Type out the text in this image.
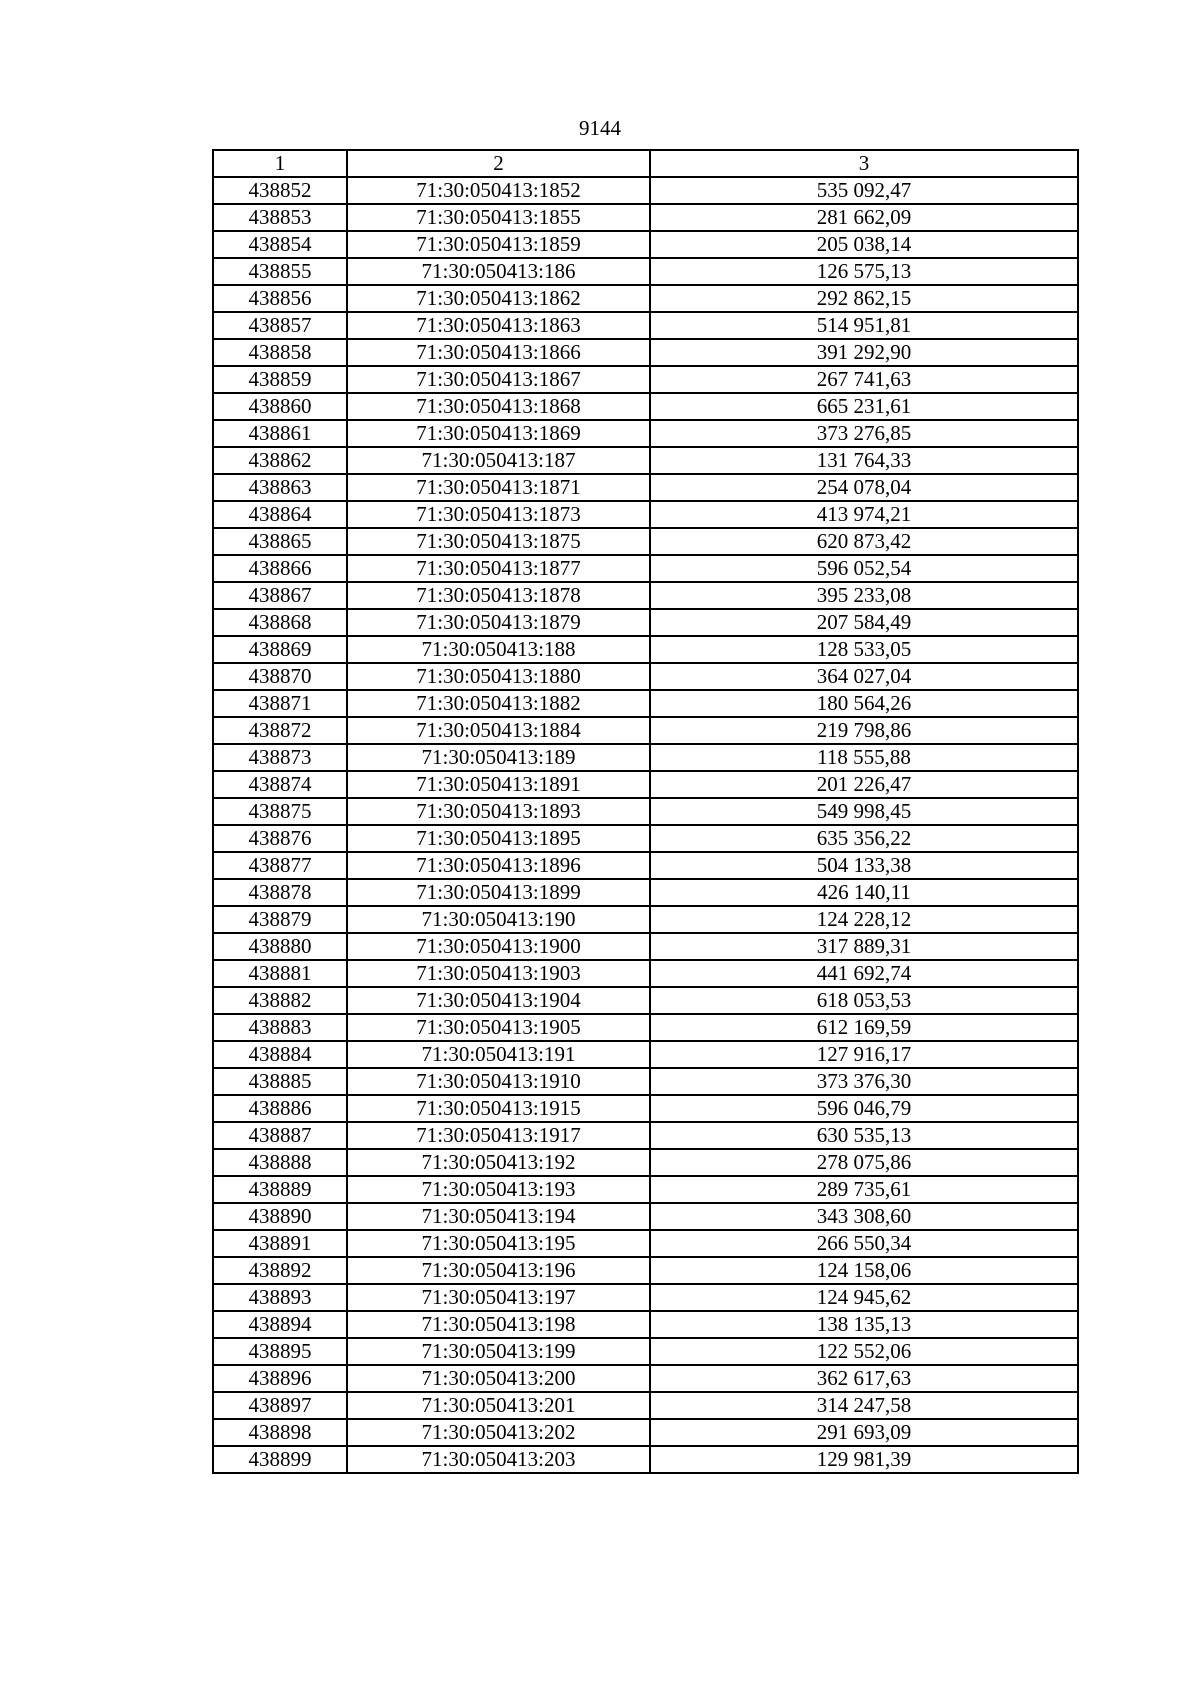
9144
1	2	3
438852	71:30:050413:1852	535 092,47
438853	71:30:050413:1855	281 662,09
438854	71:30:050413:1859	205 038,14
438855	71:30:050413:186	126 575,13
438856	71:30:050413:1862	292 862,15
438857	71:30:050413:1863	514 951,81
438858	71:30:050413:1866	391 292,90
438859	71:30:050413:1867	267 741,63
438860	71:30:050413:1868	665 231,61
438861	71:30:050413:1869	373 276,85
438862	71:30:050413:187	131 764,33
438863	71:30:050413:1871	254 078,04
438864	71:30:050413:1873	413 974,21
438865	71:30:050413:1875	620 873,42
438866	71:30:050413:1877	596 052,54
438867	71:30:050413:1878	395 233,08
438868	71:30:050413:1879	207 584,49
438869	71:30:050413:188	128 533,05
438870	71:30:050413:1880	364 027,04
438871	71:30:050413:1882	180 564,26
438872	71:30:050413:1884	219 798,86
438873	71:30:050413:189	118 555,88
438874	71:30:050413:1891	201 226,47
438875	71:30:050413:1893	549 998,45
438876	71:30:050413:1895	635 356,22
438877	71:30:050413:1896	504 133,38
438878	71:30:050413:1899	426 140,11
438879	71:30:050413:190	124 228,12
438880	71:30:050413:1900	317 889,31
438881	71:30:050413:1903	441 692,74
438882	71:30:050413:1904	618 053,53
438883	71:30:050413:1905	612 169,59
438884	71:30:050413:191	127 916,17
438885	71:30:050413:1910	373 376,30
438886	71:30:050413:1915	596 046,79
438887	71:30:050413:1917	630 535,13
438888	71:30:050413:192	278 075,86
438889	71:30:050413:193	289 735,61
438890	71:30:050413:194	343 308,60
438891	71:30:050413:195	266 550,34
438892	71:30:050413:196	124 158,06
438893	71:30:050413:197	124 945,62
438894	71:30:050413:198	138 135,13
438895	71:30:050413:199	122 552,06
438896	71:30:050413:200	362 617,63
438897	71:30:050413:201	314 247,58
438898	71:30:050413:202	291 693,09
438899	71:30:050413:203	129 981,39
